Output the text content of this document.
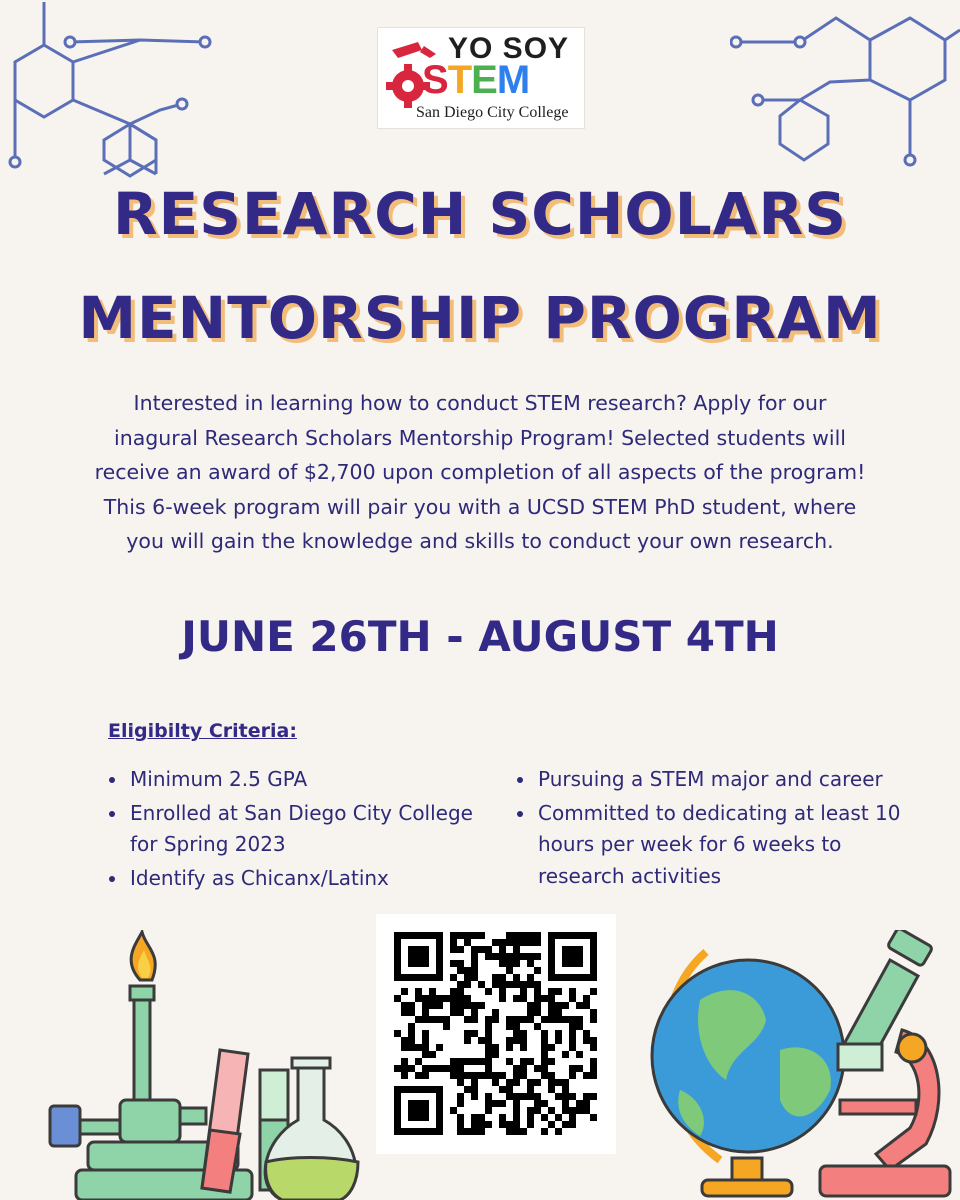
YO SOY
STEM
San Diego City College
RESEARCH SCHOLARS
MENTORSHIP PROGRAM
Interested in learning how to conduct STEM research? Apply for our inagural Research Scholars Mentorship Program! Selected students will receive an award of $2,700 upon completion of all aspects of the program! This 6-week program will pair you with a UCSD STEM PhD student, where you will gain the knowledge and skills to conduct your own research.
JUNE 26TH - AUGUST 4TH
Eligibilty Criteria:
Minimum 2.5 GPA
Enrolled at San Diego City College for Spring 2023
Identify as Chicanx/Latinx
Pursuing a STEM major and career
Committed to dedicating at least 10 hours per week for 6 weeks to research activities
